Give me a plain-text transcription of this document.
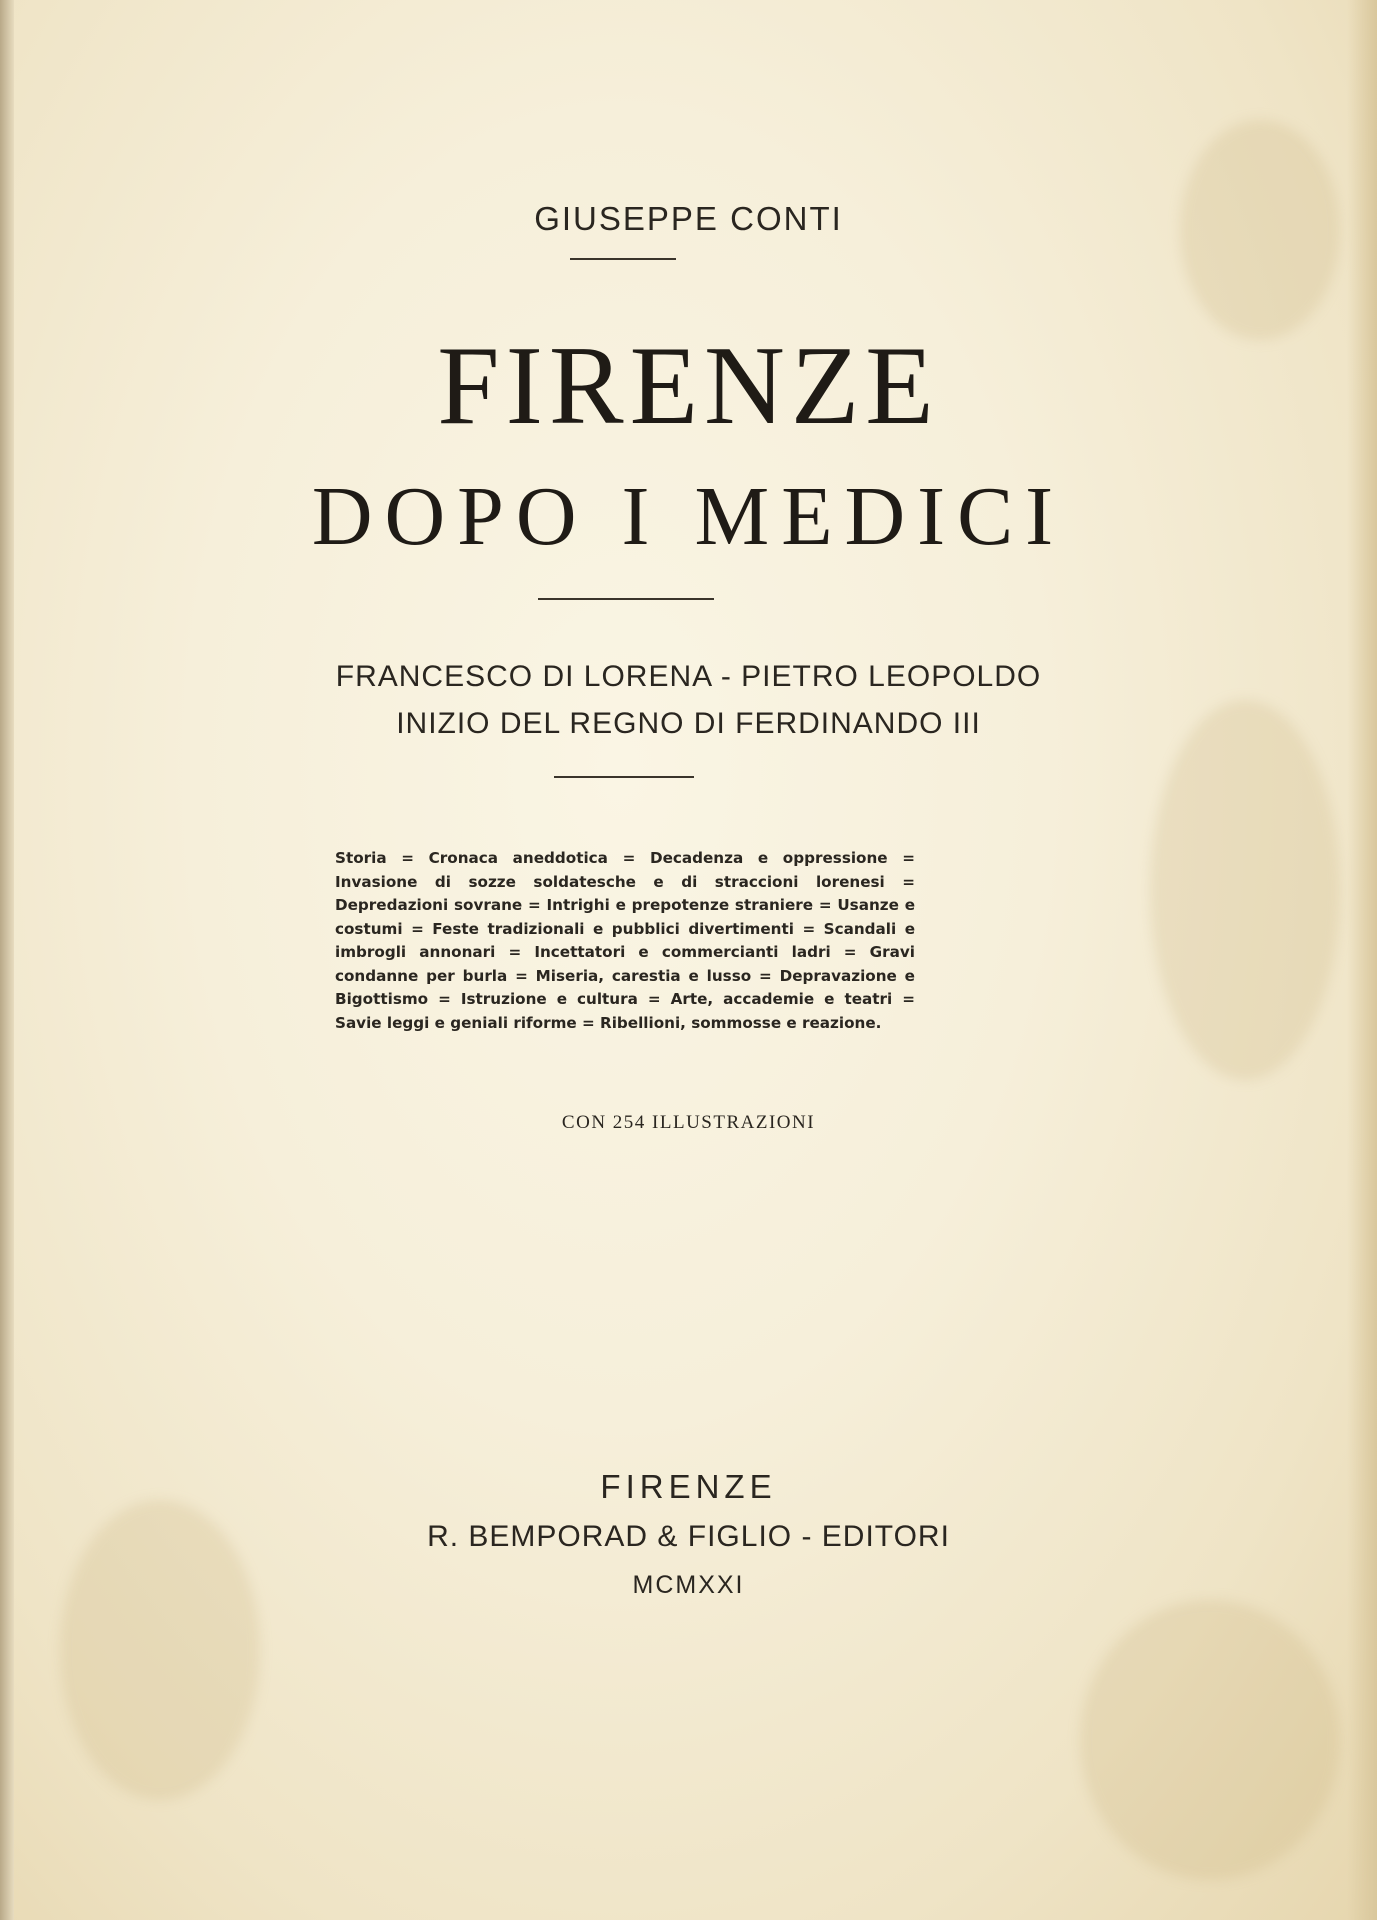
GIUSEPPE CONTI
FIRENZE
DOPO I MEDICI
FRANCESCO DI LORENA - PIETRO LEOPOLDO
INIZIO DEL REGNO DI FERDINANDO III
Storia = Cronaca aneddotica = Decadenza e oppressione = Invasione di sozze soldatesche e di straccioni lorenesi = Depredazioni sovrane = Intrighi e prepotenze straniere = Usanze e costumi = Feste tradizionali e pubblici divertimenti = Scandali e imbrogli annonari = Incettatori e commercianti ladri = Gravi condanne per burla = Miseria, carestia e lusso = Depravazione e Bigottismo = Istruzione e cultura = Arte, accademie e teatri = Savie leggi e geniali riforme = Ribellioni, sommosse e reazione.
CON 254 ILLUSTRAZIONI
FIRENZE
R. BEMPORAD & FIGLIO - EDITORI
MCMXXI
